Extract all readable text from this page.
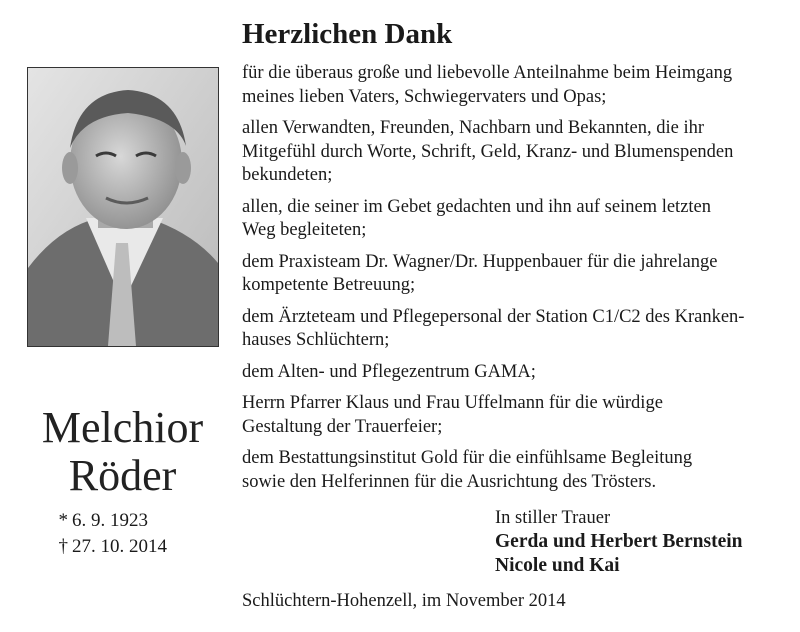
Melchior
Röder
* 6. 9. 1923
† 27. 10. 2014
Herzlichen Dank

für die überaus große und liebevolle Anteilnahme beim Heimgang
meines lieben Vaters, Schwiegervaters und Opas;

allen Verwandten, Freunden, Nachbarn und Bekannten, die ihr
Mitgefühl durch Worte, Schrift, Geld, Kranz- und Blumenspenden
bekundeten;

allen, die seiner im Gebet gedachten und ihn auf seinem letzten
Weg begleiteten;

dem Praxisteam Dr. Wagner/Dr. Huppenbauer für die jahrelange
kompetente Betreuung;

dem Ärzteteam und Pflegepersonal der Station C1/C2 des Kranken-
hauses Schlüchtern;

dem Alten- und Pflegezentrum GAMA;

Herrn Pfarrer Klaus und Frau Uffelmann für die würdige
Gestaltung der Trauerfeier;

dem Bestattungsinstitut Gold für die einfühlsame Begleitung
sowie den Helferinnen für die Ausrichtung des Trösters.

In stiller Trauer
Gerda und Herbert Bernstein
Nicole und Kai
Schlüchtern-Hohenzell, im November 2014
